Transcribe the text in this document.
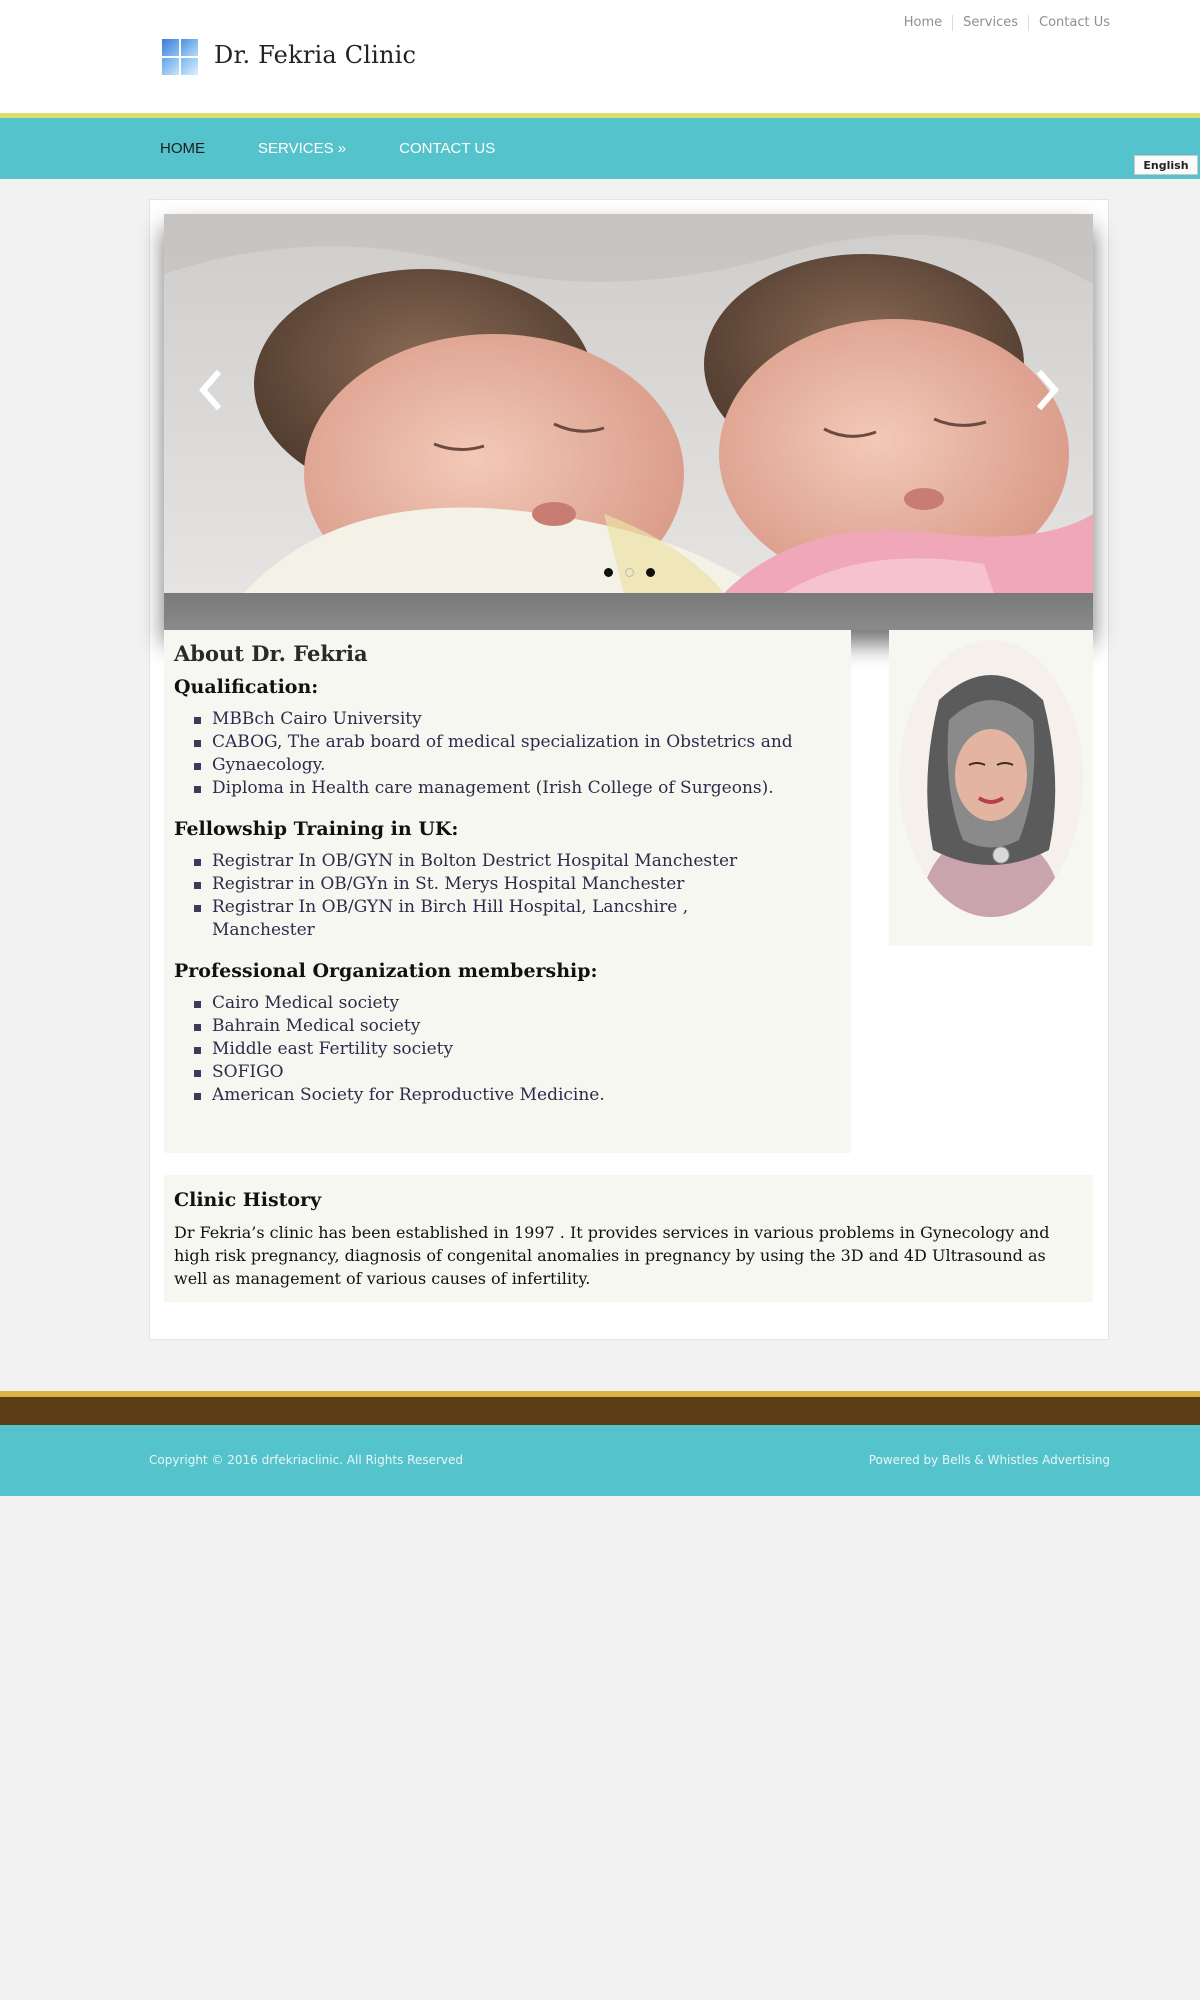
Dr. Fekria Clinic
Home	Services	Contact Us
HOME	SERVICES »	CONTACT US
English
About Dr. Fekria
Qualification:
MBBch Cairo University
CABOG, The arab board of medical specialization in Obstetrics and
Gynaecology.
Diploma in Health care management (Irish College of Surgeons).
Fellowship Training in UK:
Registrar In OB/GYN in Bolton Destrict Hospital Manchester
Registrar in OB/GYn in St. Merys Hospital Manchester
Registrar In OB/GYN in Birch Hill Hospital, Lancshire , Manchester
Professional Organization membership:
Cairo Medical society
Bahrain Medical society
Middle east Fertility society
SOFIGO
American Society for Reproductive Medicine.
Clinic History

Dr Fekria’s clinic has been established in 1997 . It provides services in various problems in Gynecology and high risk pregnancy, diagnosis of congenital anomalies in pregnancy by using the 3D and 4D Ultrasound as well as management of various causes of infertility.

Copyright © 2016 drfekriaclinic. All Rights Reserved	Powered by Bells & Whistles Advertising
